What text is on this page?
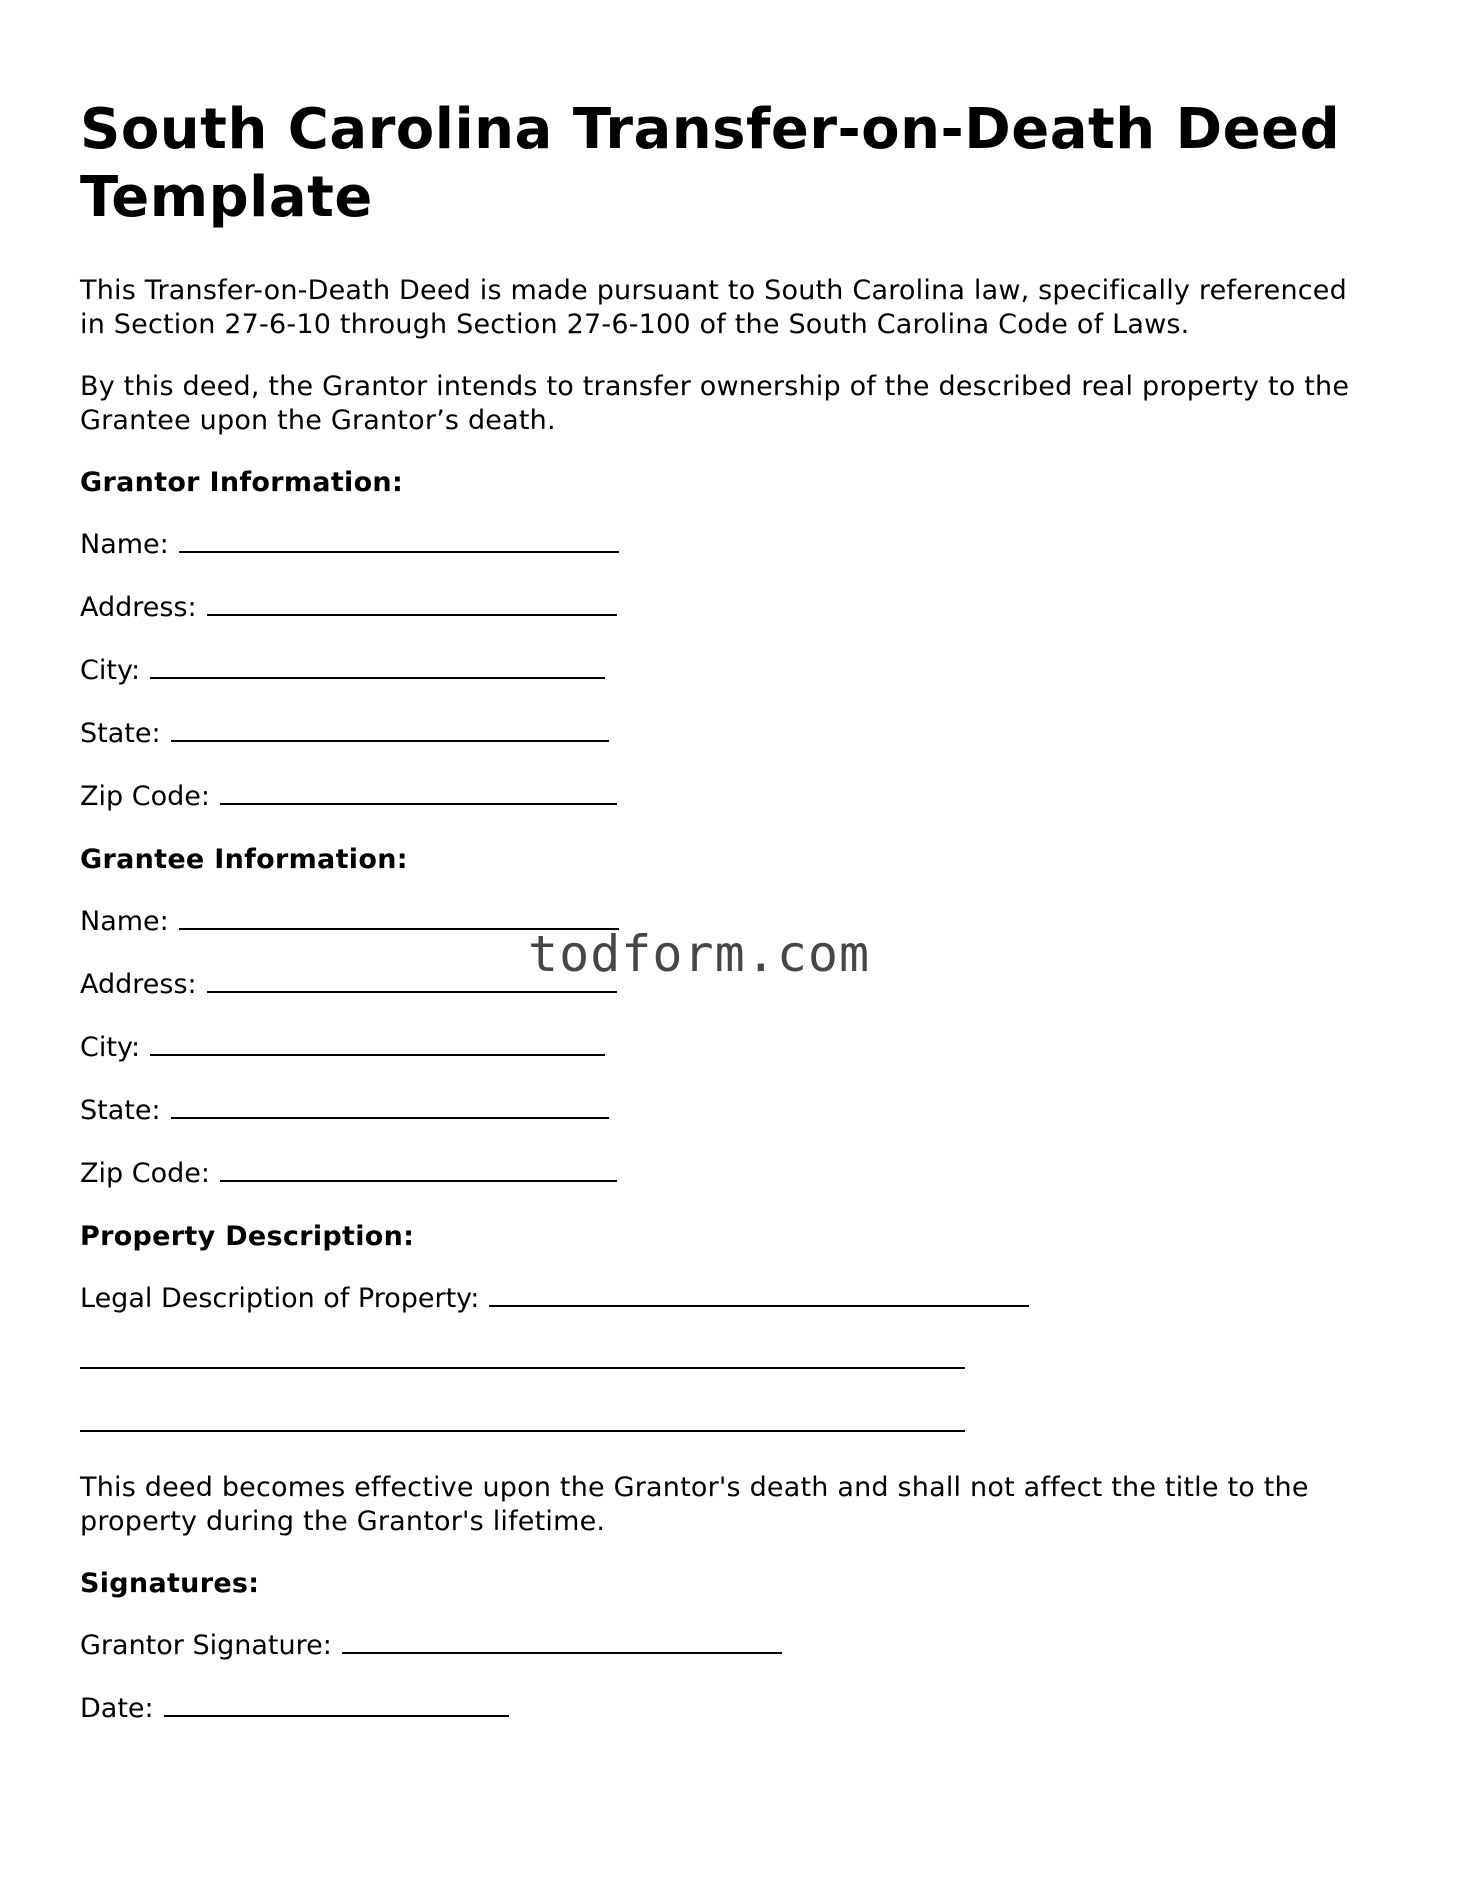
South Carolina Transfer-on-Death Deed Template

This Transfer-on-Death Deed is made pursuant to South Carolina law, specifically referenced in Section 27-6-10 through Section 27-6-100 of the South Carolina Code of Laws.

By this deed, the Grantor intends to transfer ownership of the described real property to the Grantee upon the Grantor’s death.

Grantor Information:
Name:
Address:
City:
State:
Zip Code:
Grantee Information:
Name:
Address:
City:
State:
Zip Code:
Property Description:
Legal Description of Property:

This deed becomes effective upon the Grantor's death and shall not affect the title to the property during the Grantor's lifetime.

Signatures:
Grantor Signature:
Date:
todform.com
